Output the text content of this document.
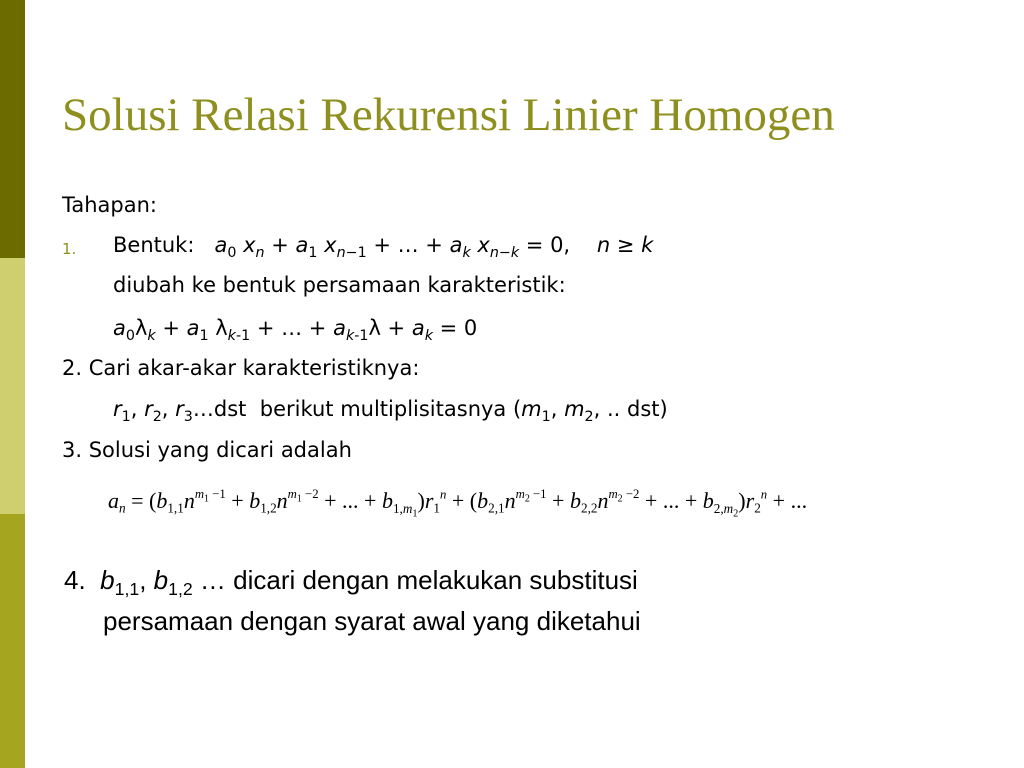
Solusi Relasi Rekurensi Linier Homogen
Tahapan:
1. Bentuk: $a_0$ $x_n + a_1$ $x_{n-1}$ + … + $a_k$ $x_{n-k} = 0$, n ≥ k
diubah ke bentuk persamaan karakteristik:
$a_0\lambda_k + a_1$ $\lambda_{k-1}$ + … + $a_{k-1}\lambda + a_k = 0$
2. Cari akar-akar karakteristiknya:
$r_1$, $r_2$, $r_3\dots dst$ berikut multiplisitasnya ($m_1$, $m_2$, .. dst)
3. Solusi yang dicari adalah
$a_n = (b_{1,1}n^{m_1 -1} + b_{1,2}n^{m_1 -2}$ + ... + $b_{1,m_1})r_1^n + (b_{2,1}n^{m_2 -1} + b_{2,2}n^{m_2 -2}$ + ... + $b_{2,m_2})r_2^n$ + ...
4. $b_{1,1}$, $b_{1,2}$ … dicari dengan melakukan substitusi
persamaan dengan syarat awal yang diketahui
